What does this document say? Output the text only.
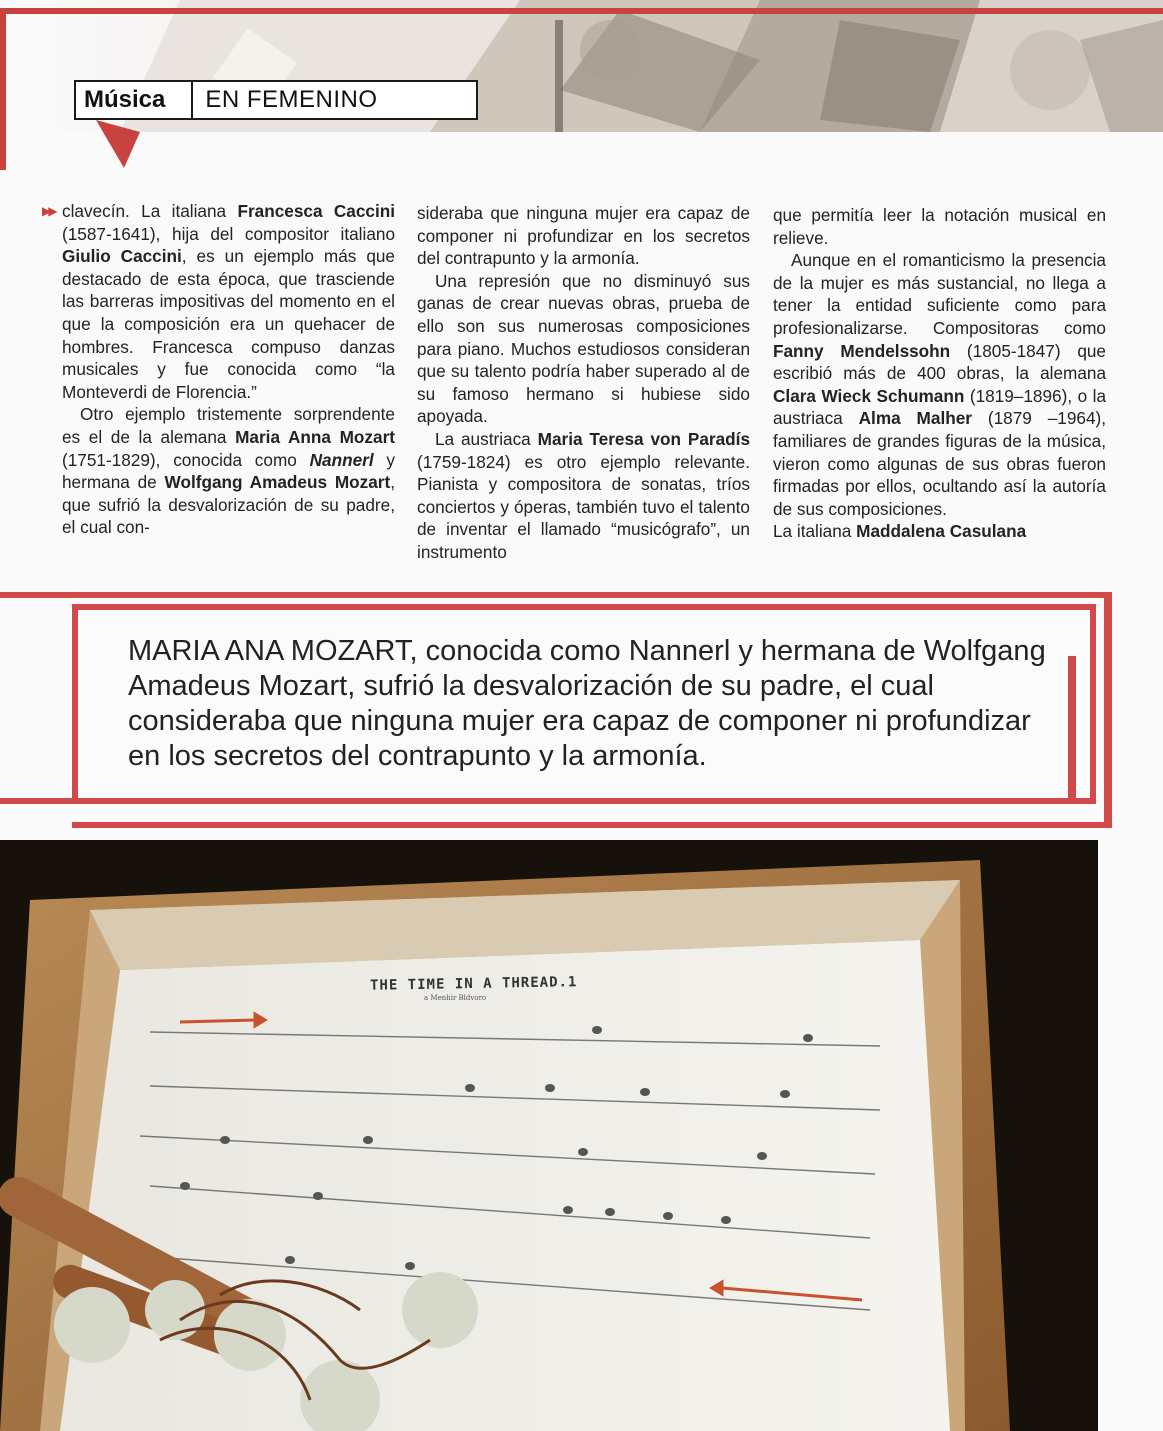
Música	EN FEMENINO
▶▶ clavecín. La italiana Francesca Caccini (1587-1641), hija del compositor italiano Giulio Caccini, es un ejemplo más que destacado de esta época, que trasciende las barreras impositivas del momento en el que la composición era un quehacer de hombres. Francesca compuso danzas musicales y fue conocida como “la Monteverdi de Florencia.”

Otro ejemplo tristemente sorprendente es el de la alemana Maria Anna Mozart (1751-1829), conocida como Nannerl y hermana de Wolfgang Amadeus Mozart, que sufrió la desvalorización de su padre, el cual con-

sideraba que ninguna mujer era capaz de componer ni profundizar en los secretos del contrapunto y la armonía.

Una represión que no disminuyó sus ganas de crear nuevas obras, prueba de ello son sus numerosas composiciones para piano. Muchos estudiosos consideran que su talento podría haber superado al de su famoso hermano si hubiese sido apoyada.

La austriaca Maria Teresa von Paradís (1759-1824) es otro ejemplo relevante. Pianista y compositora de sonatas, tríos conciertos y óperas, también tuvo el talento de inventar el llamado “musicógrafo”, un instrumento

que permitía leer la notación musical en relieve.

Aunque en el romanticismo la presencia de la mujer es más sustancial, no llega a tener la entidad suficiente como para profesionalizarse. Compositoras como Fanny Mendelssohn (1805-1847) que escribió más de 400 obras, la alemana Clara Wieck Schumann (1819–1896), o la austriaca Alma Malher (1879 –1964), familiares de grandes figuras de la música, vieron como algunas de sus obras fueron firmadas por ellos, ocultando así la autoría de sus composiciones.

La italiana Maddalena Casulana

MARIA ANA MOZART, conocida como Nannerl y hermana de Wolfgang Amadeus Mozart, sufrió la desvalorización de su padre, el cual consideraba que ninguna mujer era capaz de componer ni profundizar en los secretos del contrapunto y la armonía.
THE TIME IN A THREAD.1
a Menhir Bldvoro
